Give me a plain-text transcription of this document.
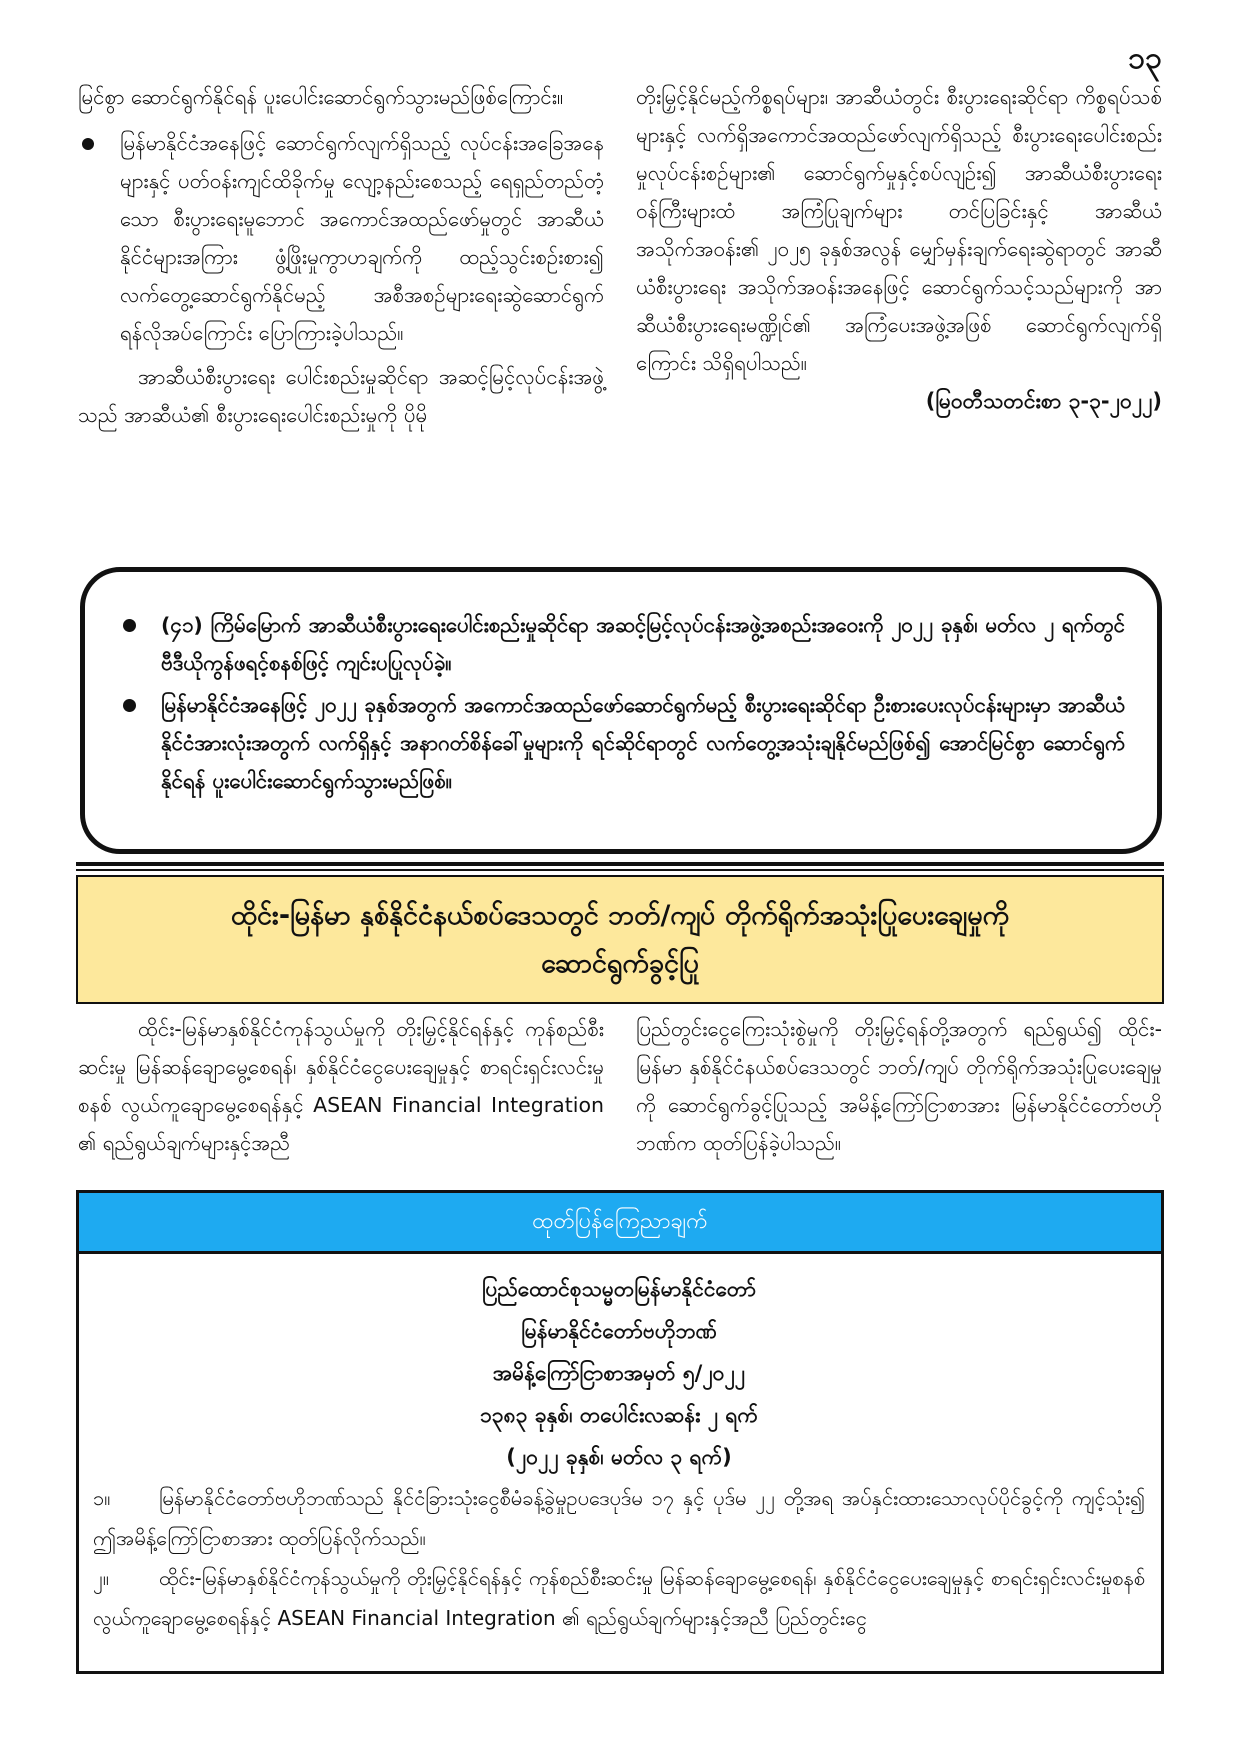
၁၃

မြင်စွာ ဆောင်ရွက်နိုင်ရန် ပူးပေါင်းဆောင်ရွက်သွားမည်ဖြစ်ကြောင်း။

မြန်မာနိုင်ငံအနေဖြင့် ဆောင်ရွက်လျက်ရှိသည့် လုပ်ငန်းအခြေအနေများနှင့် ပတ်ဝန်းကျင်ထိခိုက်မှု လျော့နည်းစေသည့် ရေရှည်တည်တံ့သော စီးပွားရေးမူဘောင် အကောင်အထည်ဖော်မှုတွင် အာဆီယံနိုင်ငံများအကြား ဖွံ့ဖြိုးမှုကွာဟချက်ကို ထည့်သွင်းစဉ်းစား၍ လက်တွေ့ဆောင်ရွက်နိုင်မည့် အစီအစဉ်များရေးဆွဲဆောင်ရွက်ရန်လိုအပ်ကြောင်း ပြောကြားခဲ့ပါသည်။

အာဆီယံစီးပွားရေး ပေါင်းစည်းမှုဆိုင်ရာ အဆင့်မြင့်လုပ်ငန်းအဖွဲ့သည် အာဆီယံ၏ စီးပွားရေးပေါင်းစည်းမှုကို ပိုမို

တိုးမြှင့်နိုင်မည့်ကိစ္စရပ်များ၊ အာဆီယံတွင်း စီးပွားရေးဆိုင်ရာ ကိစ္စရပ်သစ်များနှင့် လက်ရှိအကောင်အထည်ဖော်လျက်ရှိသည့် စီးပွားရေးပေါင်းစည်းမှုလုပ်ငန်းစဉ်များ၏ ဆောင်ရွက်မှုနှင့်စပ်လျဉ်း၍ အာဆီယံစီးပွားရေးဝန်ကြီးများထံ အကြံပြုချက်များ တင်ပြခြင်းနှင့် အာဆီယံအသိုက်အဝန်း၏ ၂၀၂၅ ခုနှစ်အလွန် မျှော်မှန်းချက်ရေးဆွဲရာတွင် အာဆီယံစီးပွားရေး အသိုက်အဝန်းအနေဖြင့် ဆောင်ရွက်သင့်သည်များကို အာဆီယံစီးပွားရေးမဏ္ဍိုင်၏ အကြံပေးအဖွဲ့အဖြစ် ဆောင်ရွက်လျက်ရှိကြောင်း သိရှိရပါသည်။

(မြဝတီသတင်းစာ ၃-၃-၂၀၂၂)

(၄၁) ကြိမ်မြောက် အာဆီယံစီးပွားရေးပေါင်းစည်းမှုဆိုင်ရာ အဆင့်မြင့်လုပ်ငန်းအဖွဲ့အစည်းအဝေးကို ၂၀၂၂ ခုနှစ်၊ မတ်လ ၂ ရက်တွင် ဗီဒီယိုကွန်ဖရင့်စနစ်ဖြင့် ကျင်းပပြုလုပ်ခဲ့။
မြန်မာနိုင်ငံအနေဖြင့် ၂၀၂၂ ခုနှစ်အတွက် အကောင်အထည်ဖော်ဆောင်ရွက်မည့် စီးပွားရေးဆိုင်ရာ ဦးစားပေးလုပ်ငန်းများမှာ အာဆီယံနိုင်ငံအားလုံးအတွက် လက်ရှိနှင့် အနာဂတ်စိန်ခေါ်မှုများကို ရင်ဆိုင်ရာတွင် လက်တွေ့အသုံးချနိုင်မည်ဖြစ်၍ အောင်မြင်စွာ ဆောင်ရွက်နိုင်ရန် ပူးပေါင်းဆောင်ရွက်သွားမည်ဖြစ်။
ထိုင်း-မြန်မာ နှစ်နိုင်ငံနယ်စပ်ဒေသတွင် ဘတ်/ကျပ် တိုက်ရိုက်အသုံးပြုပေးချေမှုကို
ဆောင်ရွက်ခွင့်ပြု

ထိုင်း-မြန်မာနှစ်နိုင်ငံကုန်သွယ်မှုကို တိုးမြှင့်နိုင်ရန်နှင့် ကုန်စည်စီးဆင်းမှု မြန်ဆန်ချောမွေ့စေရန်၊ နှစ်နိုင်ငံငွေပေးချေမှုနှင့် စာရင်းရှင်းလင်းမှုစနစ် လွယ်ကူချောမွေ့စေရန်နှင့် ASEAN Financial Integration ၏ ရည်ရွယ်ချက်များနှင့်အညီ

ပြည်တွင်းငွေကြေးသုံးစွဲမှုကို တိုးမြှင့်ရန်တို့အတွက် ရည်ရွယ်၍ ထိုင်း-မြန်မာ နှစ်နိုင်ငံနယ်စပ်ဒေသတွင် ဘတ်/ကျပ် တိုက်ရိုက်အသုံးပြုပေးချေမှုကို ဆောင်ရွက်ခွင့်ပြုသည့် အမိန့်ကြော်ငြာစာအား မြန်မာနိုင်ငံတော်ဗဟိုဘဏ်က ထုတ်ပြန်ခဲ့ပါသည်။

ထုတ်ပြန်ကြေညာချက်
ပြည်ထောင်စုသမ္မတမြန်မာနိုင်ငံတော်
မြန်မာနိုင်ငံတော်ဗဟိုဘဏ်
အမိန့်ကြော်ငြာစာအမှတ် ၅/၂၀၂၂
၁၃၈၃ ခုနှစ်၊ တပေါင်းလဆန်း ၂ ရက်
(၂၀၂၂ ခုနှစ်၊ မတ်လ ၃ ရက်)

၁။ မြန်မာနိုင်ငံတော်ဗဟိုဘဏ်သည် နိုင်ငံခြားသုံးငွေစီမံခန့်ခွဲမှုဥပဒေပုဒ်မ ၁၇ နှင့် ပုဒ်မ ၂၂ တို့အရ အပ်နှင်းထားသောလုပ်ပိုင်ခွင့်ကို ကျင့်သုံး၍ ဤအမိန့်ကြော်ငြာစာအား ထုတ်ပြန်လိုက်သည်။

၂။	ထိုင်း-မြန်မာနှစ်နိုင်ငံကုန်သွယ်မှုကို တိုးမြှင့်နိုင်ရန်နှင့် ကုန်စည်စီးဆင်းမှု မြန်ဆန်ချောမွေ့စေရန်၊ နှစ်နိုင်ငံငွေပေးချေမှုနှင့် စာရင်းရှင်းလင်းမှုစနစ် လွယ်ကူချောမွေ့စေရန်နှင့် ASEAN Financial Integration ၏ ရည်ရွယ်ချက်များနှင့်အညီ ပြည်တွင်းငွေ
